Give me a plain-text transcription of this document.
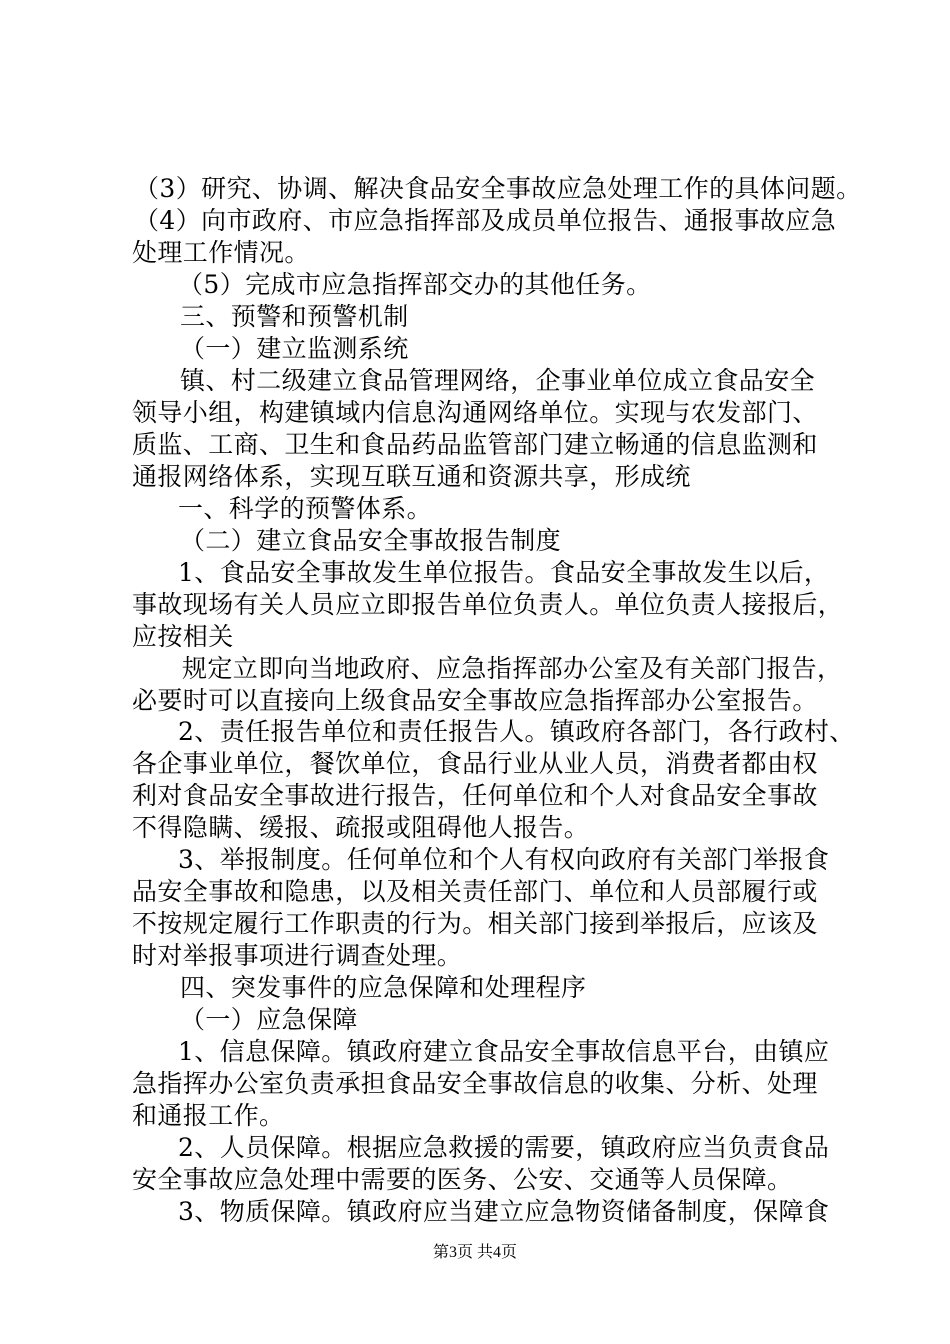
（3）研究、协调、解决食品安全事故应急处理工作的具体问题。
（4）向市政府、市应急指挥部及成员单位报告、通报事故应急
处理工作情况。
（5）完成市应急指挥部交办的其他任务。
三、预警和预警机制
（一）建立监测系统
镇、村二级建立食品管理网络，企事业单位成立食品安全
领导小组，构建镇域内信息沟通网络单位。实现与农发部门、
质监、工商、卫生和食品药品监管部门建立畅通的信息监测和
通报网络体系，实现互联互通和资源共享，形成统
一、科学的预警体系。
（二）建立食品安全事故报告制度
1、食品安全事故发生单位报告。食品安全事故发生以后，
事故现场有关人员应立即报告单位负责人。单位负责人接报后，
应按相关
规定立即向当地政府、应急指挥部办公室及有关部门报告，
必要时可以直接向上级食品安全事故应急指挥部办公室报告。
2、责任报告单位和责任报告人。镇政府各部门，各行政村、
各企事业单位，餐饮单位，食品行业从业人员，消费者都由权
利对食品安全事故进行报告，任何单位和个人对食品安全事故
不得隐瞒、缓报、疏报或阻碍他人报告。
3、举报制度。任何单位和个人有权向政府有关部门举报食
品安全事故和隐患，以及相关责任部门、单位和人员部履行或
不按规定履行工作职责的行为。相关部门接到举报后，应该及
时对举报事项进行调查处理。
四、突发事件的应急保障和处理程序
（一）应急保障
1、信息保障。镇政府建立食品安全事故信息平台，由镇应
急指挥办公室负责承担食品安全事故信息的收集、分析、处理
和通报工作。
2、人员保障。根据应急救援的需要，镇政府应当负责食品
安全事故应急处理中需要的医务、公安、交通等人员保障。
3、物质保障。镇政府应当建立应急物资储备制度，保障食
第3页 共4页
